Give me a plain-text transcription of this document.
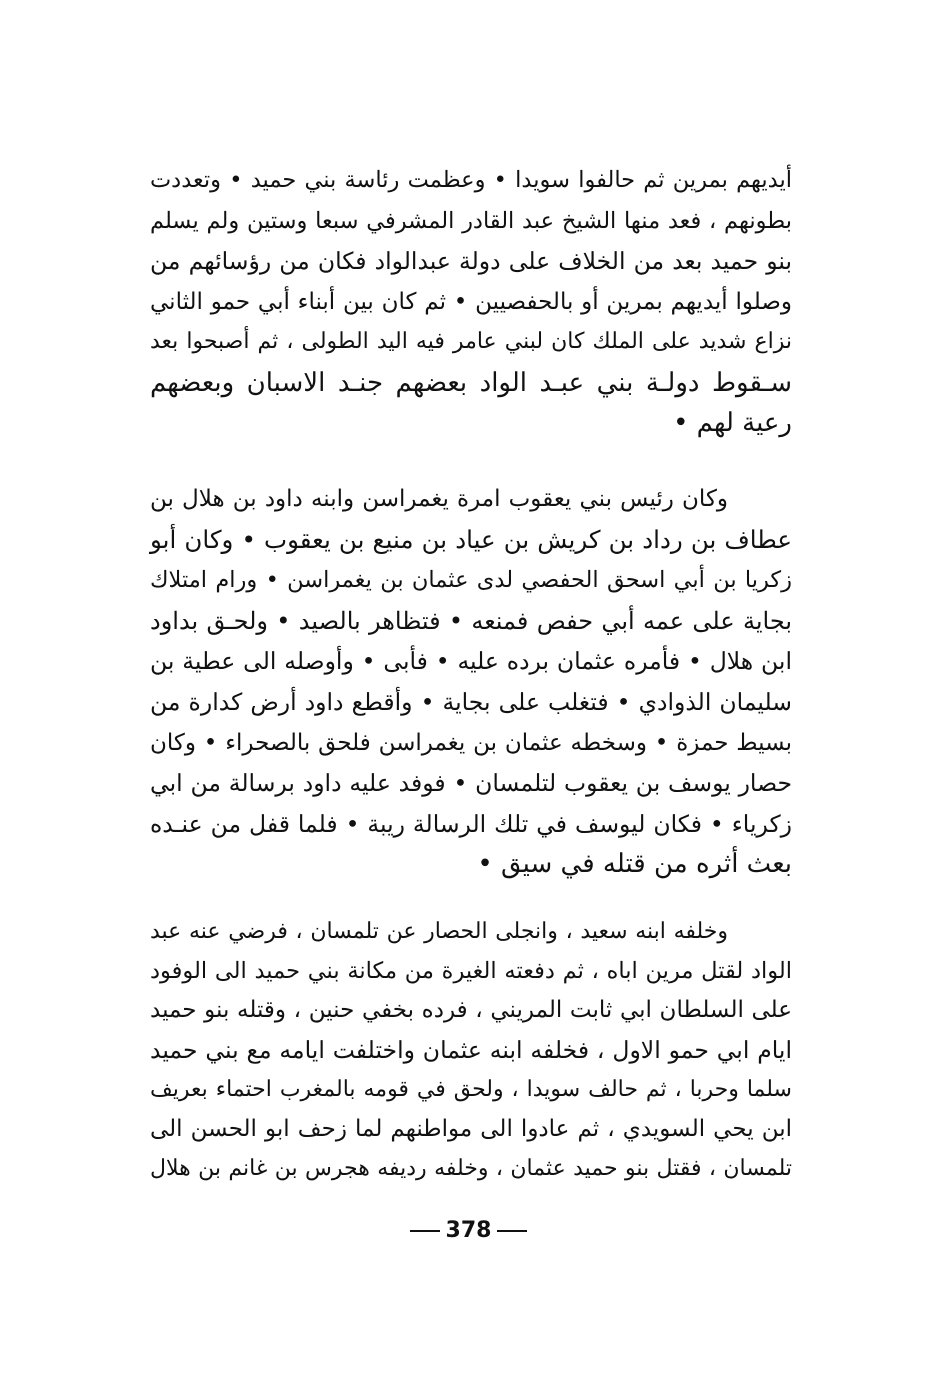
أيديهم بمرين ثم حالفوا سويدا • وعظمت رئاسة بني حميد • وتعددت
بطونهم ، فعد منها الشيخ عبد القادر المشرفي سبعا وستين ولم يسلم
بنو حميد بعد من الخلاف على دولة عبدالواد فكان من رؤسائهم من
وصلوا أيديهم بمرين أو بالحفصيين • ثم كان بين أبناء أبي حمو الثاني
نزاع شديد على الملك كان لبني عامر فيه اليد الطولى ، ثم أصبحوا بعد
سـقوط دولـة بني عبـد الواد بعضهم جنـد الاسبان وبعضهم
رعية لهم •
وكان رئيس بني يعقوب امرة يغمراسن وابنه داود بن هلال بن
عطاف بن رداد بن كريش بن عياد بن منيع بن يعقوب • وكان أبو
زكريا بن أبي اسحق الحفصي لدى عثمان بن يغمراسن • ورام امتلاك
بجاية على عمه أبي حفص فمنعه • فتظاهر بالصيد • ولحـق بداود
ابن هلال • فأمره عثمان برده عليه • فأبى • وأوصله الى عطية بن
سليمان الذوادي • فتغلب على بجاية • وأقطع داود أرض كدارة من
بسيط حمزة • وسخطه عثمان بن يغمراسن فلحق بالصحراء • وكان
حصار يوسف بن يعقوب لتلمسان • فوفد عليه داود برسالة من ابي
زكرياء • فكان ليوسف في تلك الرسالة ريبة • فلما قفل من عنـده
بعث أثره من قتله في سيق •
وخلفه ابنه سعيد ، وانجلى الحصار عن تلمسان ، فرضي عنه عبد
الواد لقتل مرين اباه ، ثم دفعته الغيرة من مكانة بني حميد الى الوفود
على السلطان ابي ثابت المريني ، فرده بخفي حنين ، وقتله بنو حميد
ايام ابي حمو الاول ، فخلفه ابنه عثمان واختلفت ايامه مع بني حميد
سلما وحربا ، ثم حالف سويدا ، ولحق في قومه بالمغرب احتماء بعريف
ابن يحي السويدي ، ثم عادوا الى مواطنهم لما زحف ابو الحسن الى
تلمسان ، فقتل بنو حميد عثمان ، وخلفه رديفه هجرس بن غانم بن هلال
378
